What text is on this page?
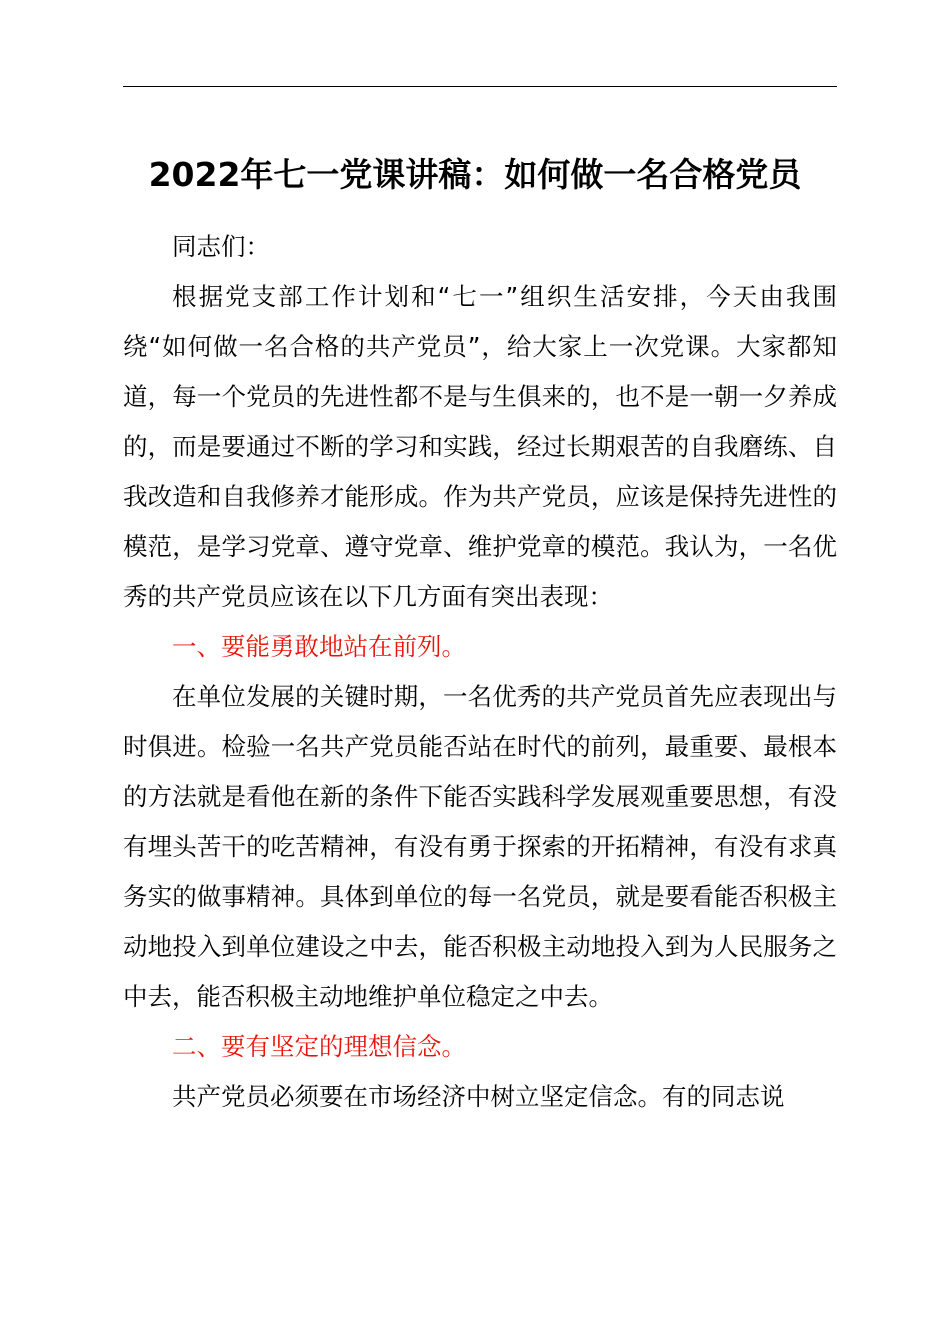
2022年七一党课讲稿：如何做一名合格党员

同志们：

根据党支部工作计划和“七一”组织生活安排，今天由我围绕“如何做一名合格的共产党员”，给大家上一次党课。大家都知道，每一个党员的先进性都不是与生俱来的，也不是一朝一夕养成的，而是要通过不断的学习和实践，经过长期艰苦的自我磨练、自我改造和自我修养才能形成。作为共产党员，应该是保持先进性的模范，是学习党章、遵守党章、维护党章的模范。我认为，一名优秀的共产党员应该在以下几方面有突出表现：

一、要能勇敢地站在前列。

在单位发展的关键时期，一名优秀的共产党员首先应表现出与时俱进。检验一名共产党员能否站在时代的前列，最重要、最根本的方法就是看他在新的条件下能否实践科学发展观重要思想，有没有埋头苦干的吃苦精神，有没有勇于探索的开拓精神，有没有求真务实的做事精神。具体到单位的每一名党员，就是要看能否积极主动地投入到单位建设之中去，能否积极主动地投入到为人民服务之中去，能否积极主动地维护单位稳定之中去。

二、要有坚定的理想信念。

共产党员必须要在市场经济中树立坚定信念。有的同志说
